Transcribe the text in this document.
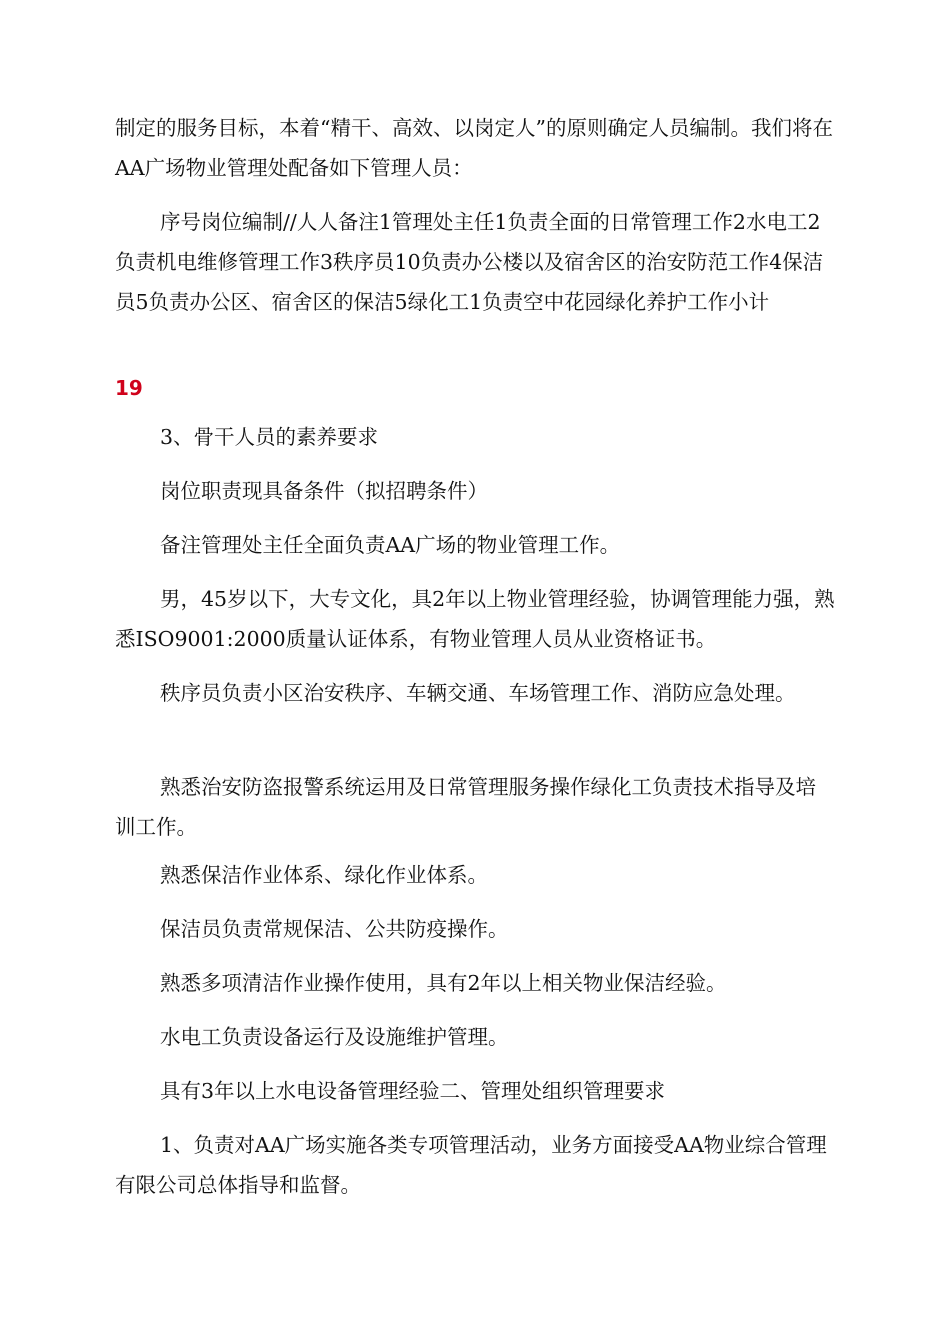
制定的服务目标，本着“精干、高效、以岗定人”的原则确定人员编制。我们将在AA广场物业管理处配备如下管理人员：

序号岗位编制//人人备注1管理处主任1负责全面的日常管理工作2水电工2负责机电维修管理工作3秩序员10负责办公楼以及宿舍区的治安防范工作4保洁员5负责办公区、宿舍区的保洁5绿化工1负责空中花园绿化养护工作小计

19

3、骨干人员的素养要求

岗位职责现具备条件（拟招聘条件）

备注管理处主任全面负责AA广场的物业管理工作。

男，45岁以下，大专文化，具2年以上物业管理经验，协调管理能力强，熟悉ISO9001:2000质量认证体系，有物业管理人员从业资格证书。

秩序员负责小区治安秩序、车辆交通、车场管理工作、消防应急处理。

熟悉治安防盗报警系统运用及日常管理服务操作绿化工负责技术指导及培训工作。

熟悉保洁作业体系、绿化作业体系。

保洁员负责常规保洁、公共防疫操作。

熟悉多项清洁作业操作使用，具有2年以上相关物业保洁经验。

水电工负责设备运行及设施维护管理。

具有3年以上水电设备管理经验二、管理处组织管理要求

1、负责对AA广场实施各类专项管理活动，业务方面接受AA物业综合管理有限公司总体指导和监督。
